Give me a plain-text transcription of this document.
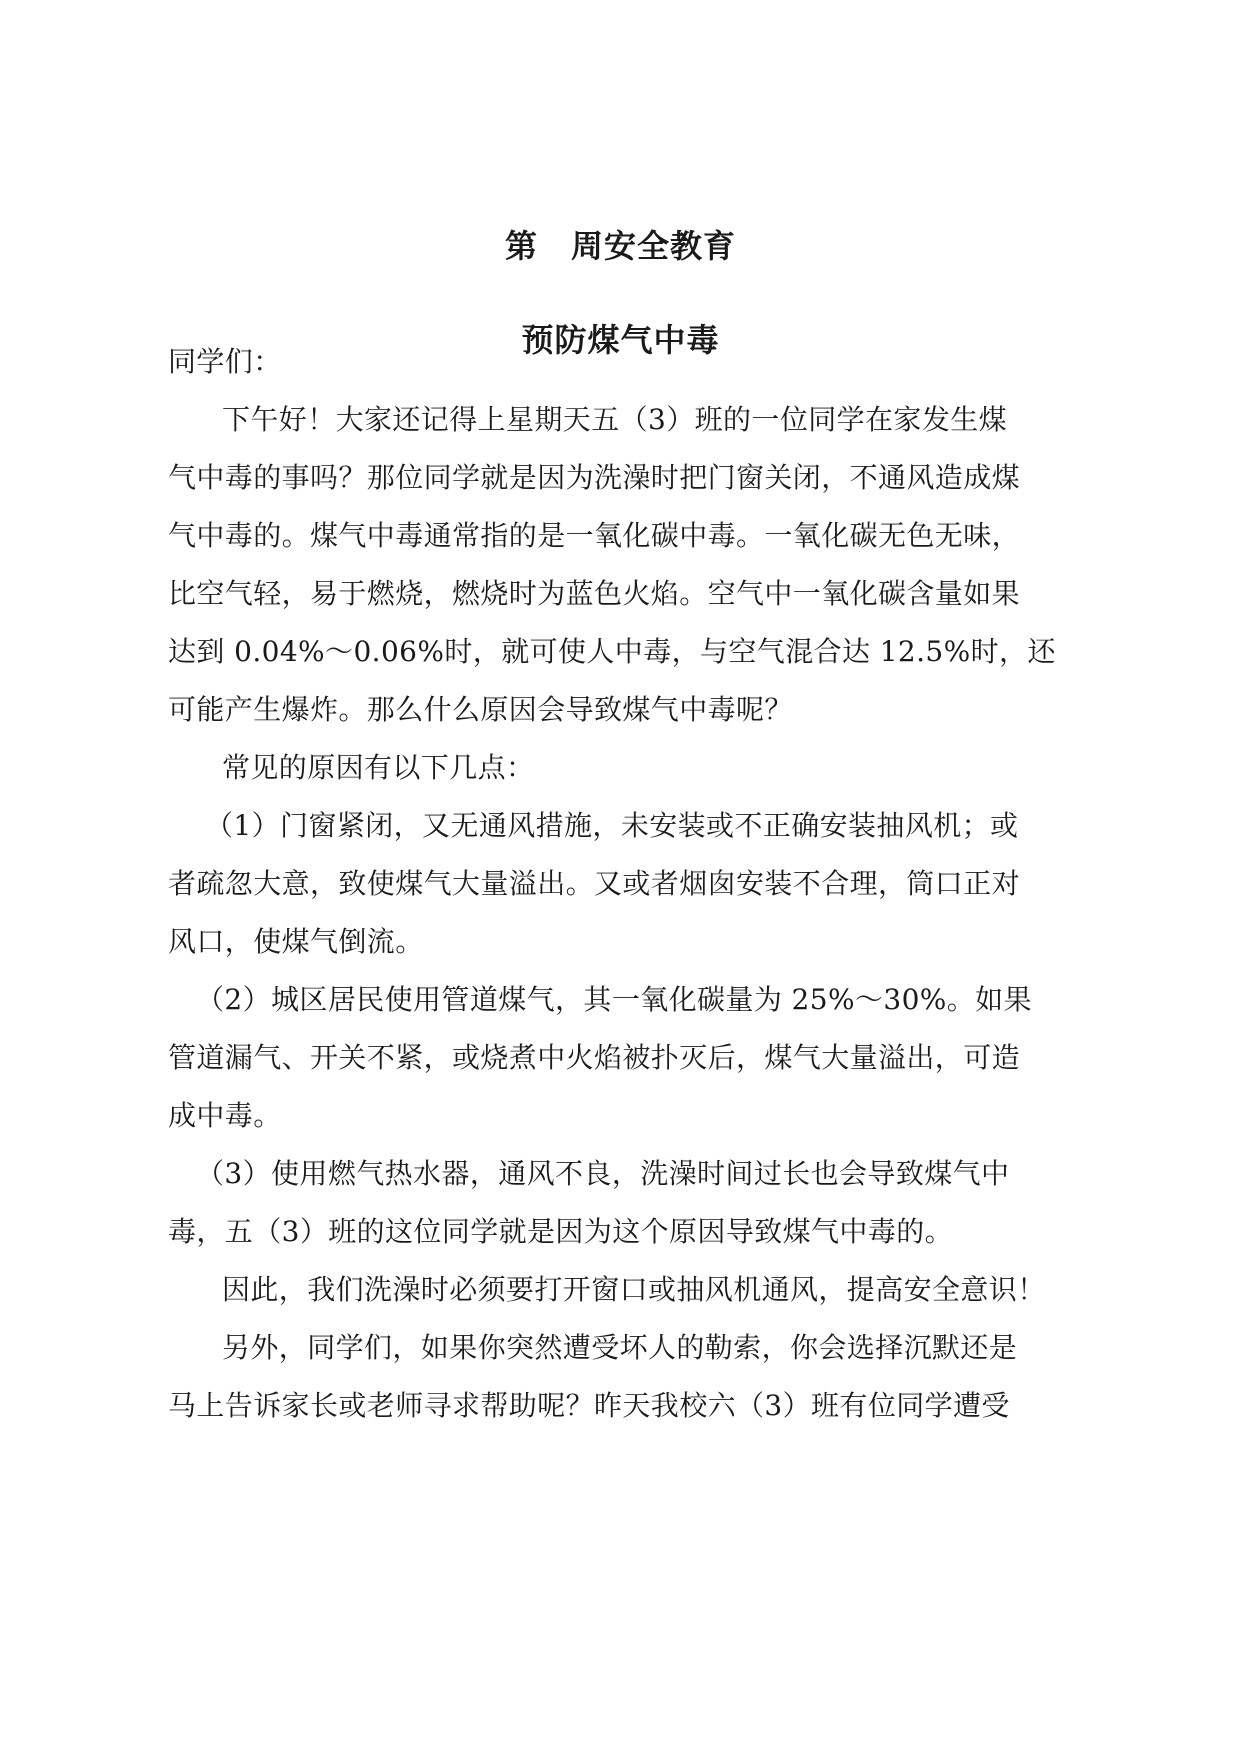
第　周安全教育
预防煤气中毒
同学们：
下午好！大家还记得上星期天五（3）班的一位同学在家发生煤
气中毒的事吗？那位同学就是因为洗澡时把门窗关闭，不通风造成煤
气中毒的。煤气中毒通常指的是一氧化碳中毒。一氧化碳无色无味，
比空气轻，易于燃烧，燃烧时为蓝色火焰。空气中一氧化碳含量如果
达到 0.04%～0.06%时，就可使人中毒，与空气混合达 12.5%时，还
可能产生爆炸。那么什么原因会导致煤气中毒呢？
常见的原因有以下几点：
（1）门窗紧闭，又无通风措施，未安装或不正确安装抽风机；或
者疏忽大意，致使煤气大量溢出。又或者烟囱安装不合理，筒口正对
风口，使煤气倒流。
（2）城区居民使用管道煤气，其一氧化碳量为 25%～30%。如果
管道漏气、开关不紧，或烧煮中火焰被扑灭后，煤气大量溢出，可造
成中毒。
（3）使用燃气热水器，通风不良，洗澡时间过长也会导致煤气中
毒，五（3）班的这位同学就是因为这个原因导致煤气中毒的。
因此，我们洗澡时必须要打开窗口或抽风机通风，提高安全意识！
另外，同学们，如果你突然遭受坏人的勒索，你会选择沉默还是
马上告诉家长或老师寻求帮助呢？昨天我校六（3）班有位同学遭受
